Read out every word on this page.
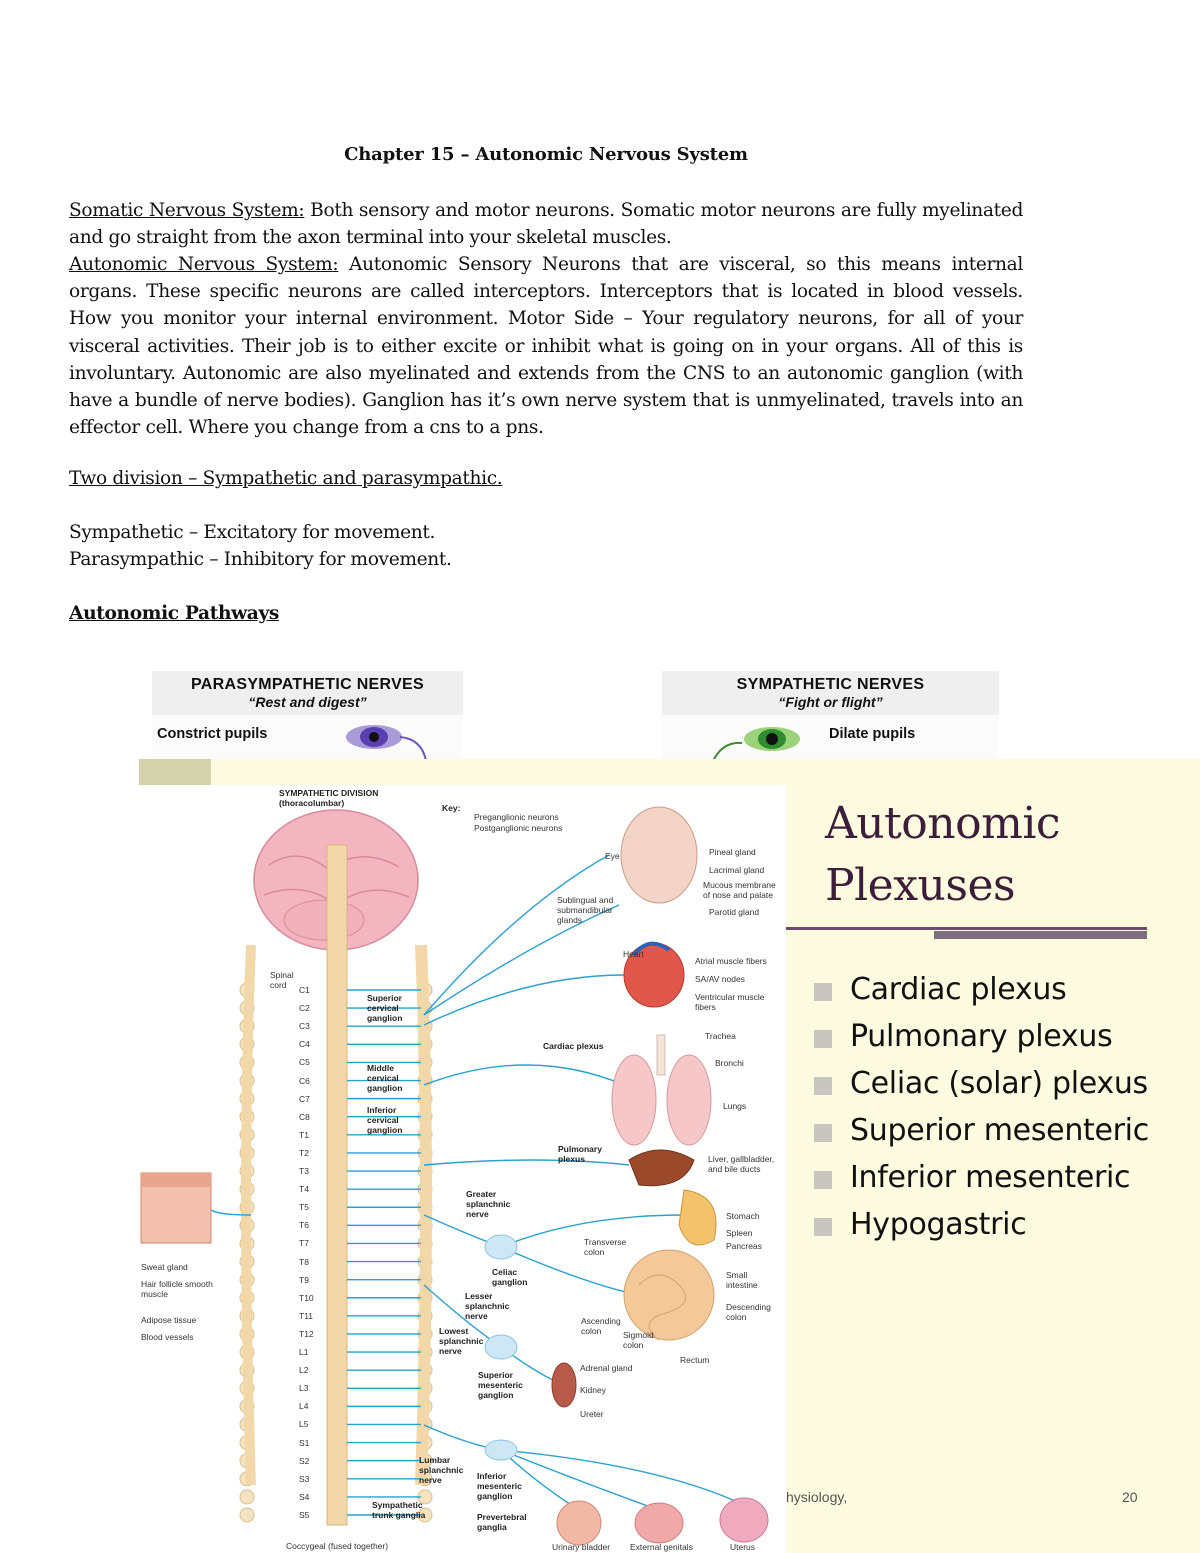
Chapter 15 – Autonomic Nervous System
Somatic Nervous System: Both sensory and motor neurons. Somatic motor neurons are fully myelinated and go straight from the axon terminal into your skeletal muscles.
Autonomic Nervous System: Autonomic Sensory Neurons that are visceral, so this means internal organs. These specific neurons are called interceptors. Interceptors that is located in blood vessels. How you monitor your internal environment. Motor Side – Your regulatory neurons, for all of your visceral activities. Their job is to either excite or inhibit what is going on in your organs. All of this is involuntary. Autonomic are also myelinated and extends from the CNS to an autonomic ganglion (with have a bundle of nerve bodies). Ganglion has it’s own nerve system that is unmyelinated, travels into an effector cell. Where you change from a cns to a pns.
Two division – Sympathetic and parasympathic.
Sympathetic – Excitatory for movement.
Parasympathic – Inhibitory for movement.
Autonomic Pathways
PARASYMPATHETIC NERVES
“Rest and digest”
Constrict pupils
SYMPATHETIC NERVES
“Fight or flight”
Dilate pupils
Autonomic
Plexuses
Cardiac plexus
Pulmonary plexus
Celiac (solar) plexus
Superior mesenteric
Inferior mesenteric
Hypogastric
hysiology,	20
SYMPATHETIC DIVISION
(thoracolumbar)	Key:
Preganglionic neurons
Postganglionic neurons
Spinal cord	C1
C2
C3
C4
C5
C6
C7
C8
T1
T2
T3
T4
T5
T6
T7
T8
T9
T10
T11
T12
L1
L2
L3
L4
L5
S1
S2
S3
S4
S5
Superior cervical ganglion
Middle cervical ganglion
Inferior cervical ganglion
Sweat gland
Hair follicle smooth muscle
Adipose tissue
Blood vessels
Eye	Pineal gland
Lacrimal gland
Mucous membrane of nose and palate
Sublingual and submandibular glands
Parotid gland
Heart
Atrial muscle fibers
SA/AV nodes
Ventricular muscle fibers
Cardiac plexus
Trachea
Bronchi
Lungs
Pulmonary plexus	Liver, gallbladder, and bile ducts
Greater splanchnic nerve	Stomach
Spleen
Pancreas
Transverse colon
Celiac ganglion
Small intestine
Lesser splanchnic nerve
Descending colon
Lowest splanchnic nerve
Ascending colon	Sigmoid colon
Rectum
Superior mesenteric ganglion
Adrenal gland
Kidney
Ureter
Lumbar splanchnic nerve	Inferior mesenteric ganglion
Sympathetic trunk ganglia	Prevertebral ganglia
Urinary bladder External genitals	Uterus
Coccygeal (fused together)
